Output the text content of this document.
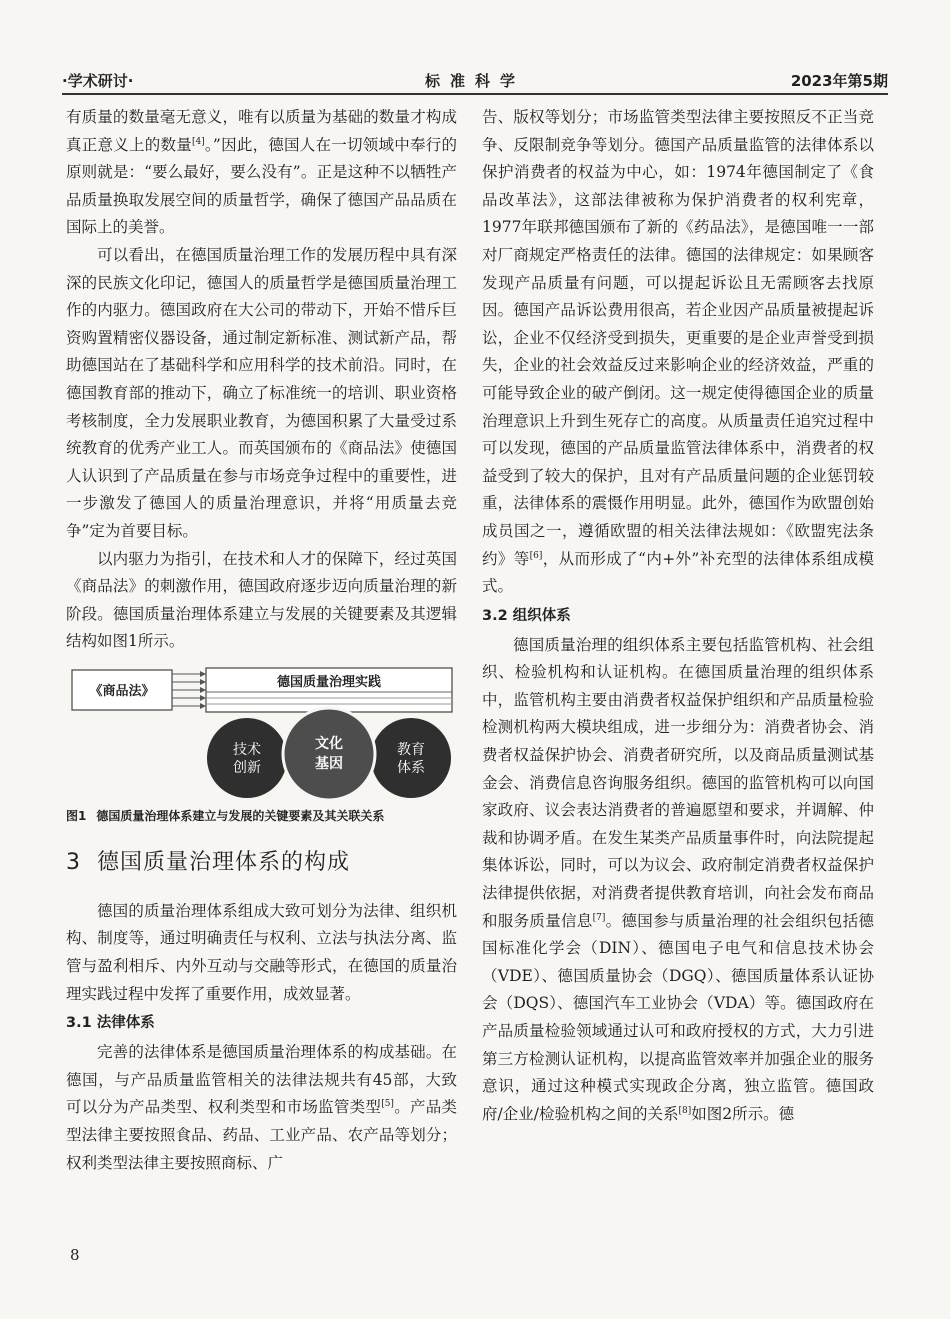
·学术研讨·	标准科学	2023年第5期

有质量的数量毫无意义，唯有以质量为基础的数量才构成真正意义上的数量[4]。”因此，德国人在一切领域中奉行的原则就是：“要么最好，要么没有”。正是这种不以牺牲产品质量换取发展空间的质量哲学，确保了德国产品品质在国际上的美誉。

可以看出，在德国质量治理工作的发展历程中具有深深的民族文化印记，德国人的质量哲学是德国质量治理工作的内驱力。德国政府在大公司的带动下，开始不惜斥巨资购置精密仪器设备，通过制定新标准、测试新产品，帮助德国站在了基础科学和应用科学的技术前沿。同时，在德国教育部的推动下，确立了标准统一的培训、职业资格考核制度，全力发展职业教育，为德国积累了大量受过系统教育的优秀产业工人。而英国颁布的《商品法》使德国人认识到了产品质量在参与市场竞争过程中的重要性，进一步激发了德国人的质量治理意识，并将“用质量去竞争”定为首要目标。

以内驱力为指引，在技术和人才的保障下，经过英国《商品法》的刺激作用，德国政府逐步迈向质量治理的新阶段。德国质量治理体系建立与发展的关键要素及其逻辑结构如图1所示。

《商品法》
德国质量治理实践
技术
创新
文化
基因
教育
体系
图1 德国质量治理体系建立与发展的关键要素及其关联关系
3 德国质量治理体系的构成

德国的质量治理体系组成大致可划分为法律、组织机构、制度等，通过明确责任与权利、立法与执法分离、监管与盈利相斥、内外互动与交融等形式，在德国的质量治理实践过程中发挥了重要作用，成效显著。

3.1 法律体系

完善的法律体系是德国质量治理体系的构成基础。在德国，与产品质量监管相关的法律法规共有45部，大致可以分为产品类型、权利类型和市场监管类型[5]。产品类型法律主要按照食品、药品、工业产品、农产品等划分；权利类型法律主要按照商标、广

告、版权等划分；市场监管类型法律主要按照反不正当竞争、反限制竞争等划分。德国产品质量监管的法律体系以保护消费者的权益为中心，如：1974年德国制定了《食品改革法》，这部法律被称为保护消费者的权利宪章，1977年联邦德国颁布了新的《药品法》，是德国唯一一部对厂商规定严格责任的法律。德国的法律规定：如果顾客发现产品质量有问题，可以提起诉讼且无需顾客去找原因。德国产品诉讼费用很高，若企业因产品质量被提起诉讼，企业不仅经济受到损失，更重要的是企业声誉受到损失，企业的社会效益反过来影响企业的经济效益，严重的可能导致企业的破产倒闭。这一规定使得德国企业的质量治理意识上升到生死存亡的高度。从质量责任追究过程中可以发现，德国的产品质量监管法律体系中，消费者的权益受到了较大的保护，且对有产品质量问题的企业惩罚较重，法律体系的震慑作用明显。此外，德国作为欧盟创始成员国之一，遵循欧盟的相关法律法规如：《欧盟宪法条约》等[6]，从而形成了“内+外”补充型的法律体系组成模式。

3.2 组织体系

德国质量治理的组织体系主要包括监管机构、社会组织、检验机构和认证机构。在德国质量治理的组织体系中，监管机构主要由消费者权益保护组织和产品质量检验检测机构两大模块组成，进一步细分为：消费者协会、消费者权益保护协会、消费者研究所，以及商品质量测试基金会、消费信息咨询服务组织。德国的监管机构可以向国家政府、议会表达消费者的普遍愿望和要求，并调解、仲裁和协调矛盾。在发生某类产品质量事件时，向法院提起集体诉讼，同时，可以为议会、政府制定消费者权益保护法律提供依据，对消费者提供教育培训，向社会发布商品和服务质量信息[7]。德国参与质量治理的社会组织包括德国标准化学会（DIN）、德国电子电气和信息技术协会（VDE）、德国质量协会（DGQ）、德国质量体系认证协会（DQS）、德国汽车工业协会（VDA）等。德国政府在产品质量检验领域通过认可和政府授权的方式，大力引进第三方检测认证机构，以提高监管效率并加强企业的服务意识，通过这种模式实现政企分离，独立监管。德国政府/企业/检验机构之间的关系[8]如图2所示。德

8
